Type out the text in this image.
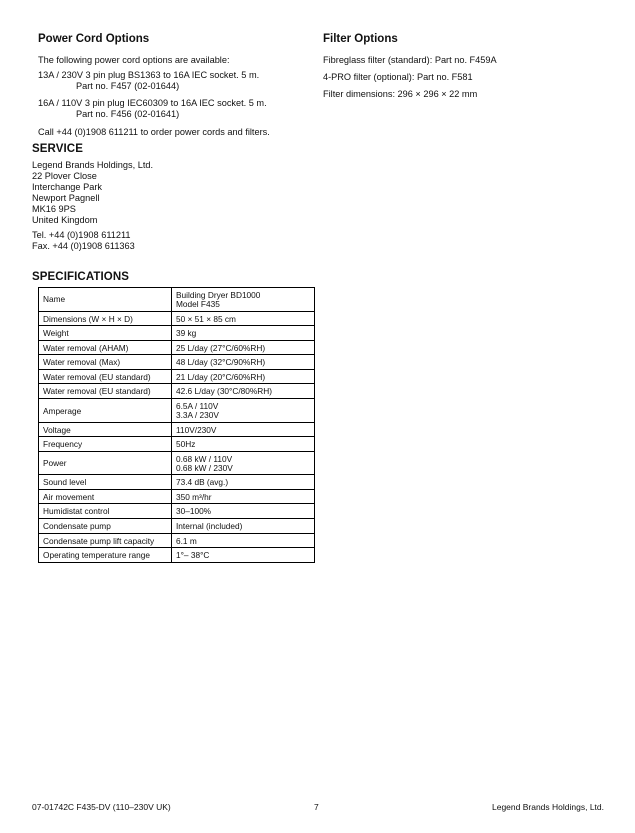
Power Cord Options
The following power cord options are available:
13A / 230V 3 pin plug BS1363 to 16A IEC socket. 5 m.
Part no. F457 (02-01644)
16A / 110V 3 pin plug IEC60309 to 16A IEC socket. 5 m.
Part no. F456 (02-01641)
Call +44 (0)1908 611211 to order power cords and filters.
Filter Options
Fibreglass filter (standard): Part no. F459A
4-PRO filter (optional): Part no. F581
Filter dimensions: 296 × 296 × 22 mm
SERVICE
Legend Brands Holdings, Ltd.
22 Plover Close
Interchange Park
Newport Pagnell
MK16 9PS
United Kingdom
Tel. +44 (0)1908 611211
Fax. +44 (0)1908 611363
SPECIFICATIONS
Name	Building Dryer BD1000
Model F435

Dimensions (W × H × D)	50 × 51 × 85 cm
Weight	39 kg
Water removal (AHAM)	25 L/day (27°C/60%RH)
Water removal (Max)	48 L/day (32°C/90%RH)
Water removal (EU standard)	21 L/day (20°C/60%RH)
Water removal (EU standard)	42.6 L/day (30°C/80%RH)
Amperage	6.5A / 110V
3.3A / 230V

Voltage	110V/230V
Frequency	50Hz
Power	0.68 kW / 110V
0.68 kW / 230V

Sound level	73.4 dB (avg.)
Air movement	350 m³/hr
Humidistat control	30–100%
Condensate pump	Internal (included)
Condensate pump lift capacity	6.1 m
Operating temperature range	1°– 38°C
07-01742C F435-DV (110–230V UK)	7	Legend Brands Holdings, Ltd.
